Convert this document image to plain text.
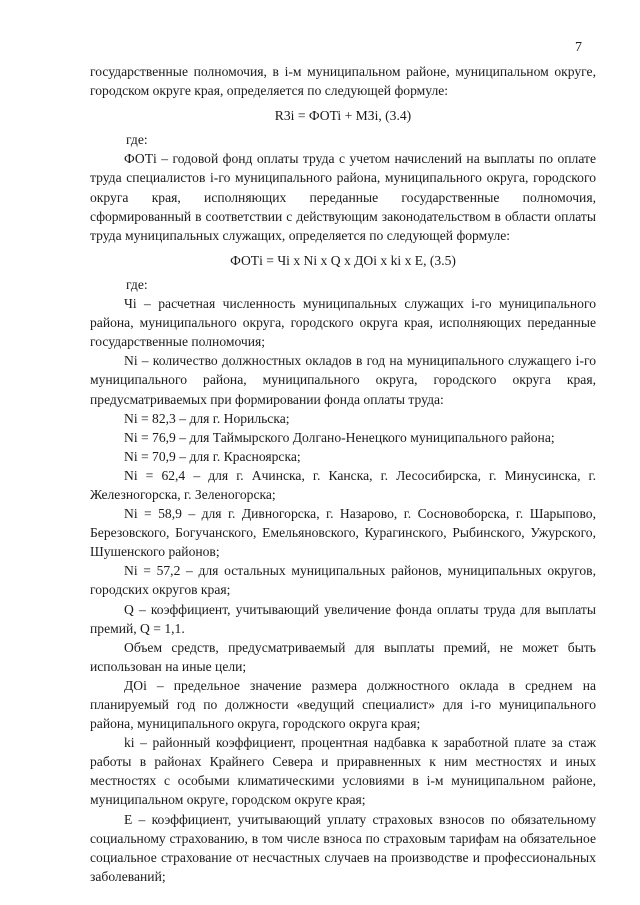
7

государственные полномочия, в i-м муниципальном районе, муниципальном округе, городском округе края, определяется по следующей формуле:

R3i = ФОTi + МЗi, (3.4)

где:

ФОТi – годовой фонд оплаты труда с учетом начислений на выплаты по оплате труда специалистов i-го муниципального района, муниципального округа, городского округа края, исполняющих переданные государственные полномочия, сформированный в соответствии с действующим законодательством в области оплаты труда муниципальных служащих, определяется по следующей формуле:

ФОТi = Чi x Ni x Q x ДОi x ki x E, (3.5)

где:

Чi – расчетная численность муниципальных служащих i-го муниципального района, муниципального округа, городского округа края, исполняющих переданные государственные полномочия;

Ni – количество должностных окладов в год на муниципального служащего i-го муниципального района, муниципального округа, городского округа края, предусматриваемых при формировании фонда оплаты труда:

Ni = 82,3 – для г. Норильска;

Ni = 76,9 – для Таймырского Долгано-Ненецкого муниципального района;

Ni = 70,9 – для г. Красноярска;

Ni = 62,4 – для г. Ачинска, г. Канска, г. Лесосибирска, г. Минусинска, г. Железногорска, г. Зеленогорска;

Ni = 58,9 – для г. Дивногорска, г. Назарово, г. Сосновоборска, г. Шарыпово, Березовского, Богучанского, Емельяновского, Курагинского, Рыбинского, Ужурского, Шушенского районов;

Ni = 57,2 – для остальных муниципальных районов, муниципальных округов, городских округов края;

Q – коэффициент, учитывающий увеличение фонда оплаты труда для выплаты премий, Q = 1,1.

Объем средств, предусматриваемый для выплаты премий, не может быть использован на иные цели;

ДОi – предельное значение размера должностного оклада в среднем на планируемый год по должности «ведущий специалист» для i-го муниципального района, муниципального округа, городского округа края;

ki – районный коэффициент, процентная надбавка к заработной плате за стаж работы в районах Крайнего Севера и приравненных к ним местностях и иных местностях с особыми климатическими условиями в i-м муниципальном районе, муниципальном округе, городском округе края;

E – коэффициент, учитывающий уплату страховых взносов по обязательному социальному страхованию, в том числе взноса по страховым тарифам на обязательное социальное страхование от несчастных случаев на производстве и профессиональных заболеваний;
